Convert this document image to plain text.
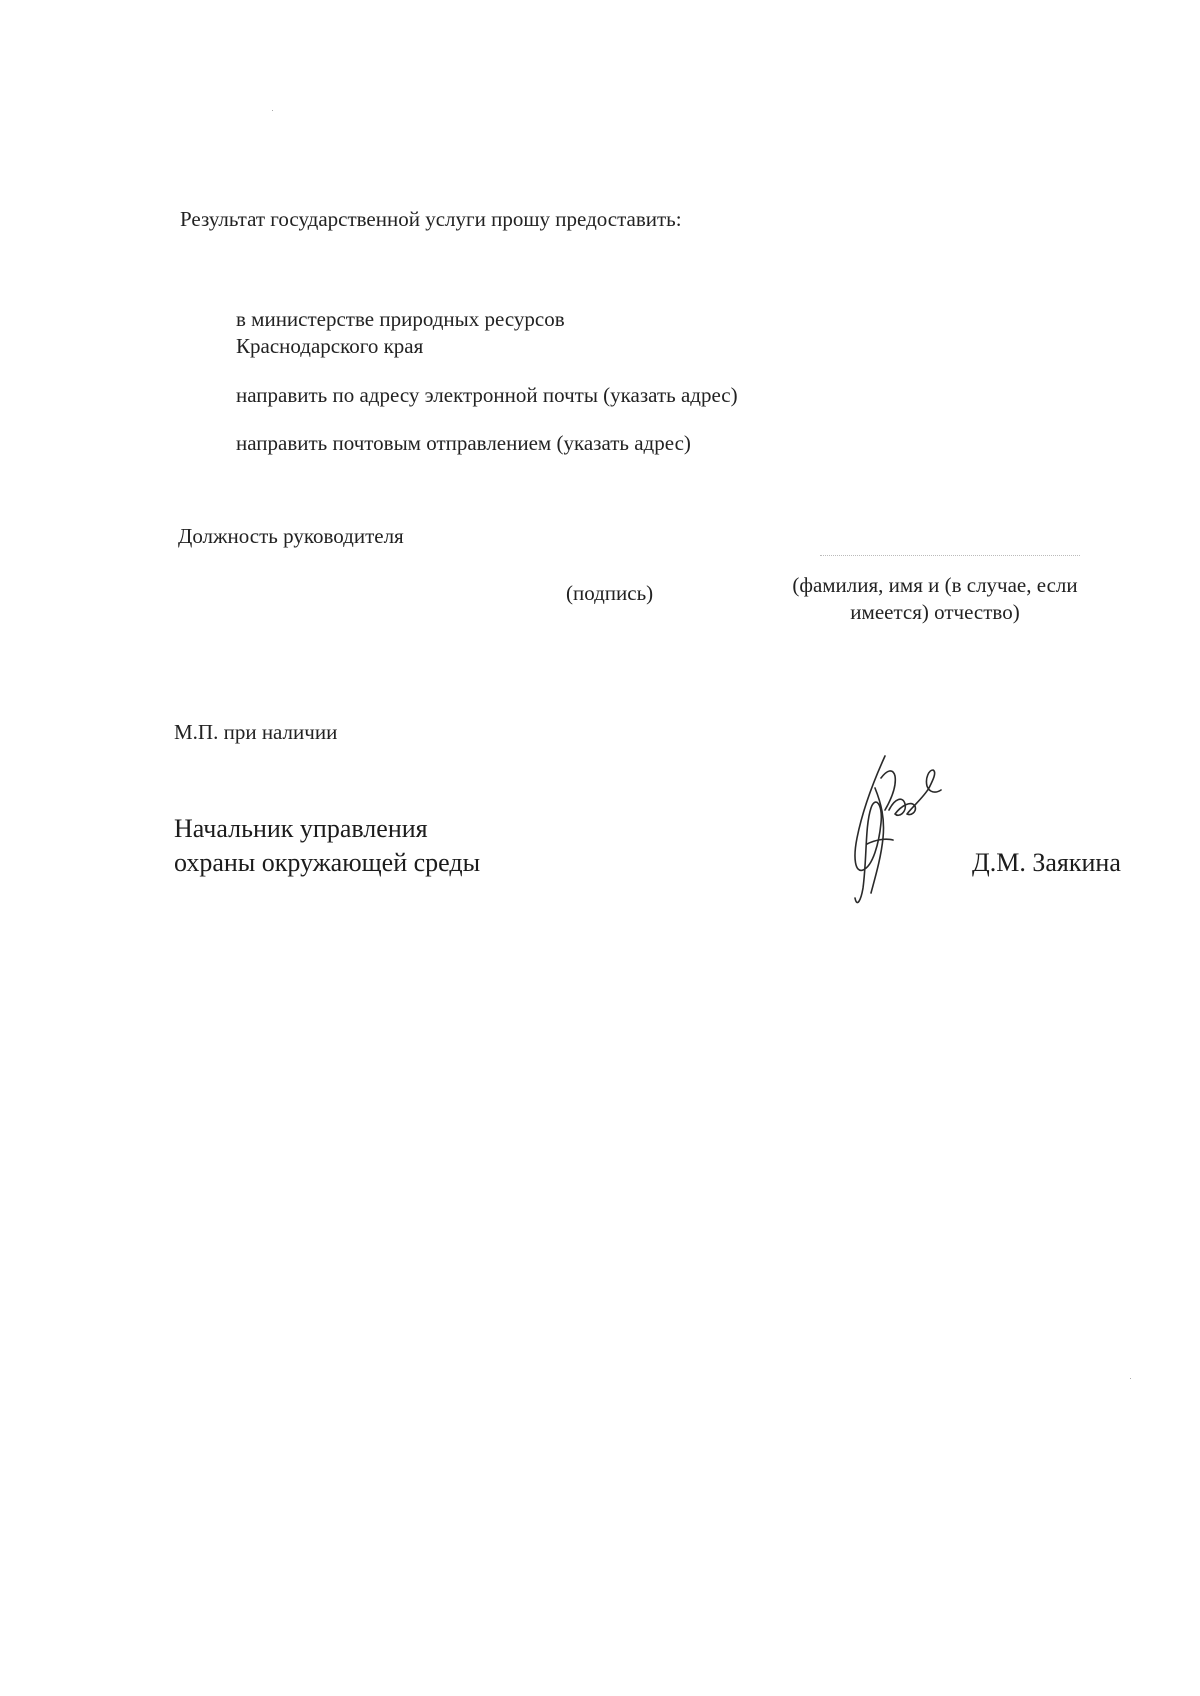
Результат государственной услуги прошу предоставить:
в министерстве природных ресурсов
Краснодарского края
направить по адресу электронной почты (указать адрес)
направить почтовым отправлением (указать адрес)
Должность руководителя
(подпись)	(фамилия, имя и (в случае, если
имеется) отчество)
М.П. при наличии
Начальник управления
охраны окружающей среды	Д.М. Заякина
